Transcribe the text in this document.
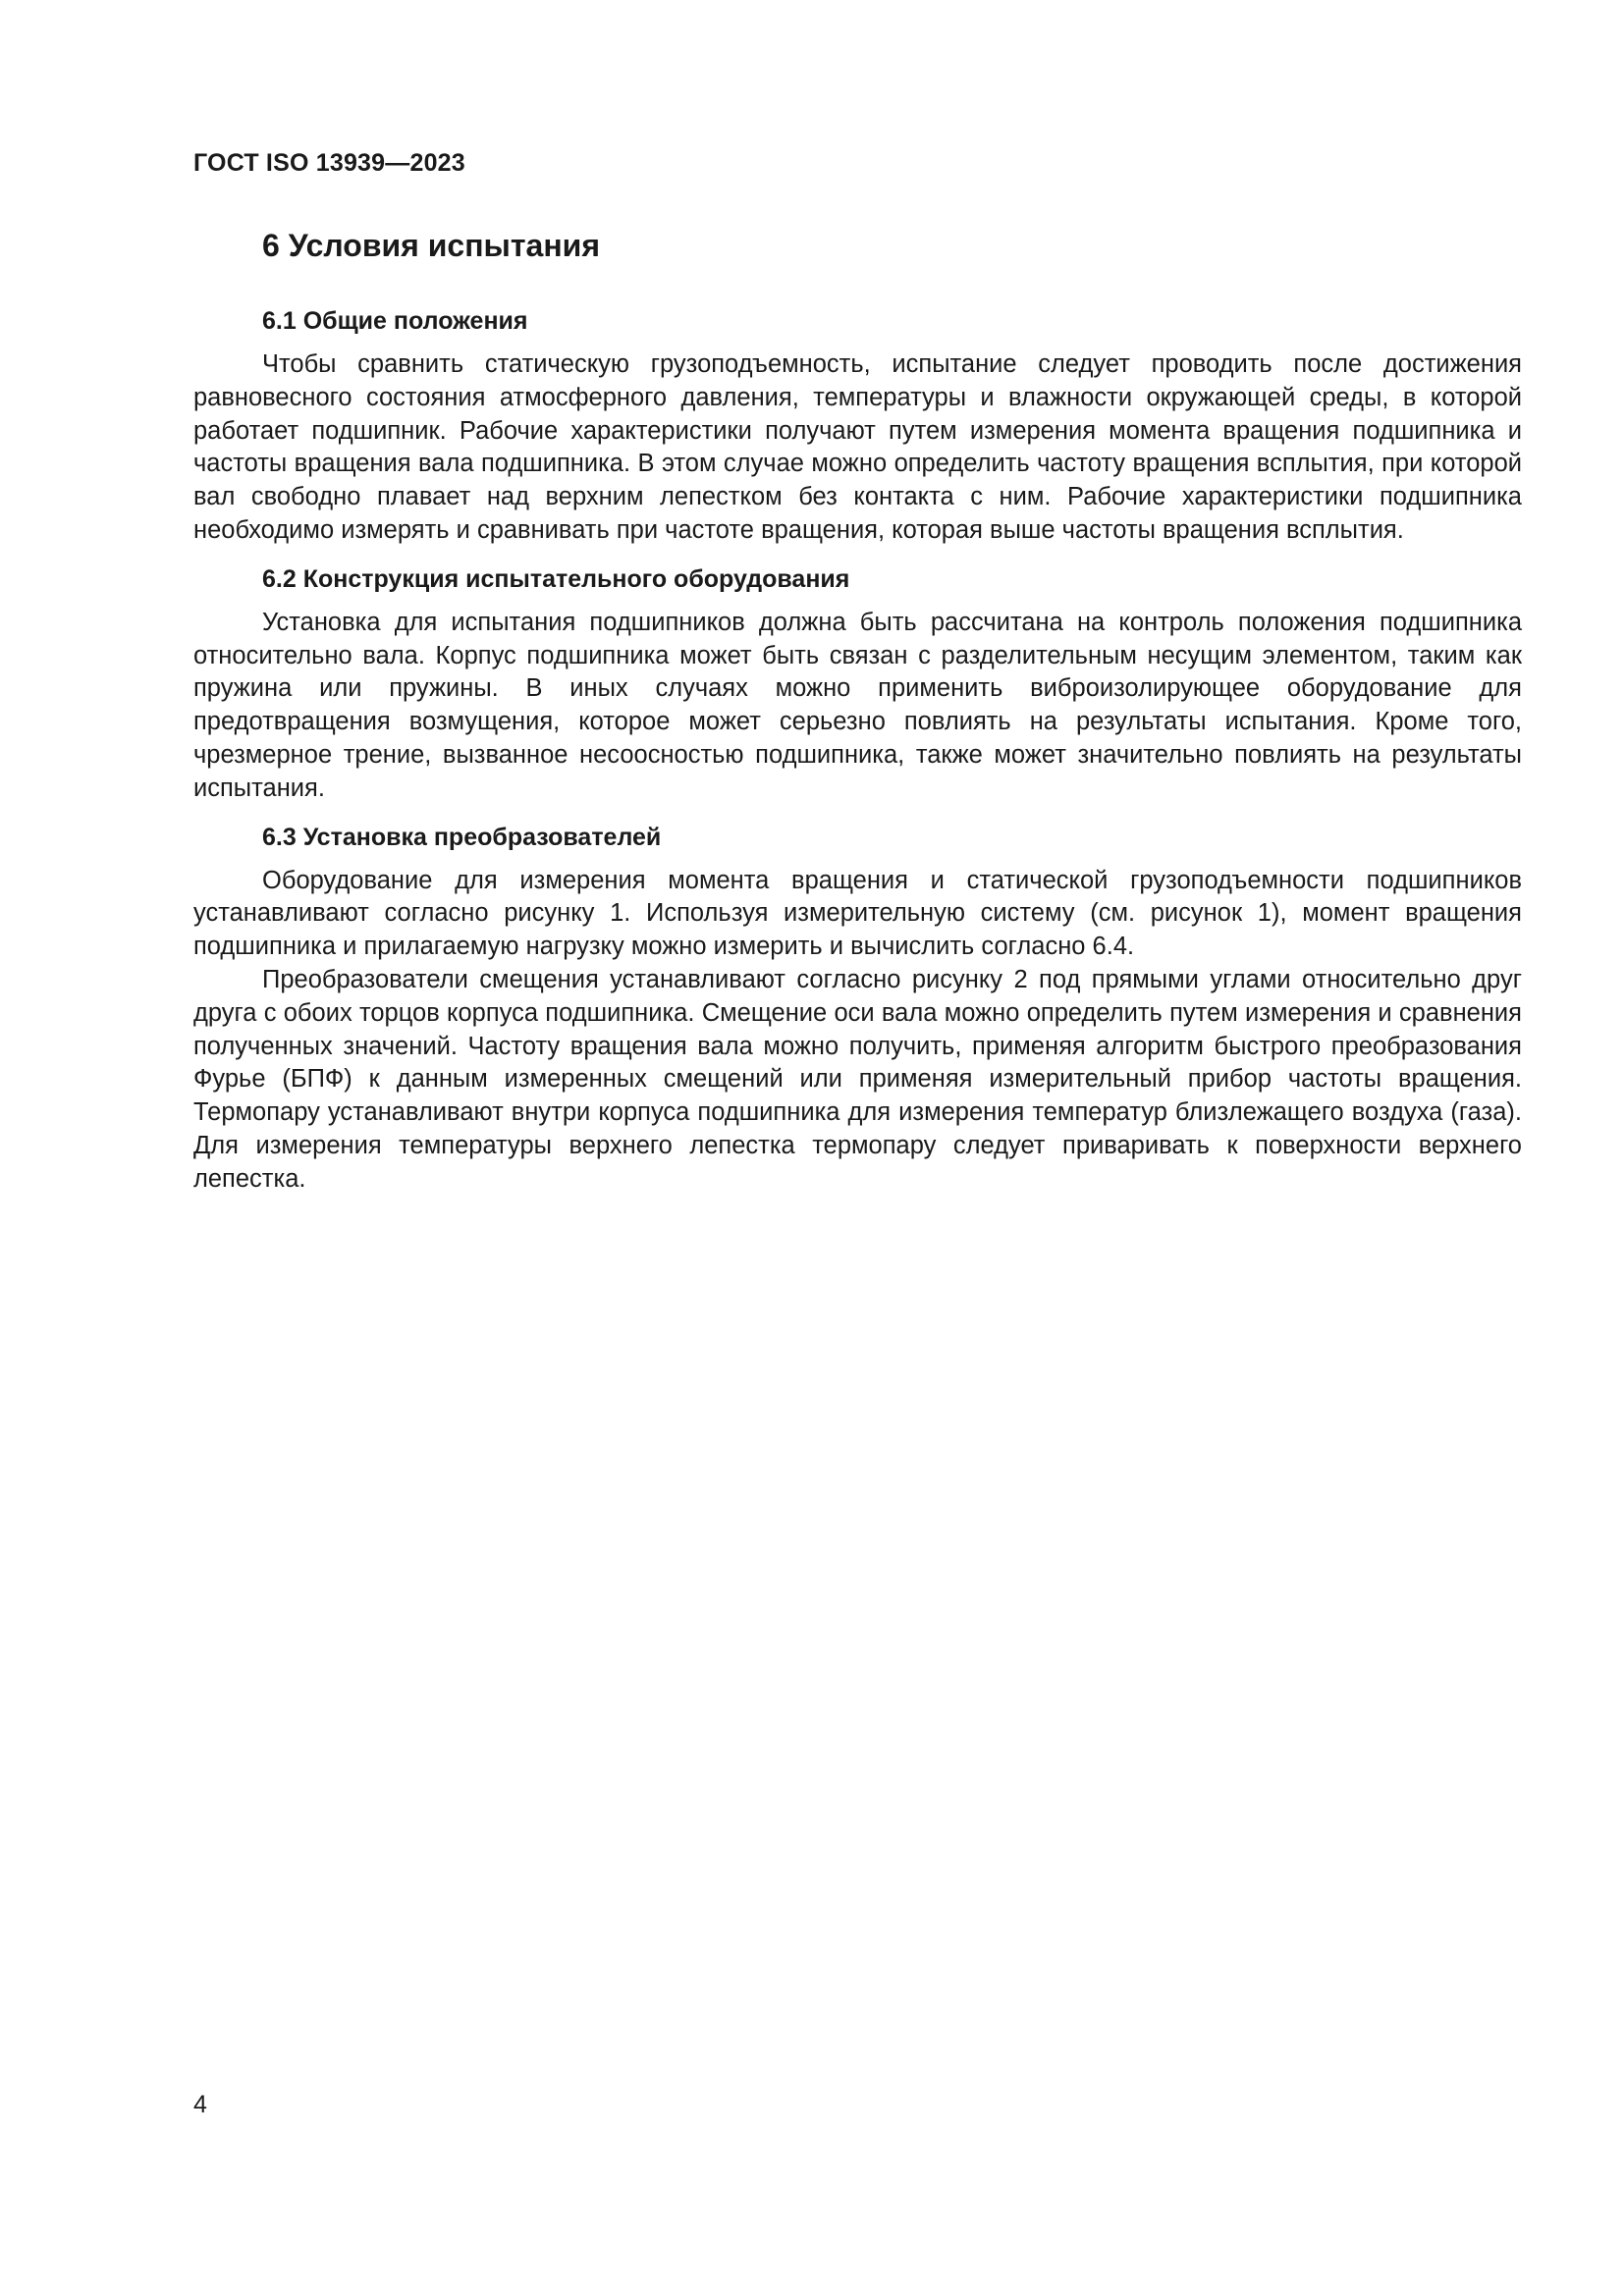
ГОСТ ISO 13939—2023

6 Условия испытания
6.1 Общие положения

Чтобы сравнить статическую грузоподъемность, испытание следует проводить после достижения равновесного состояния атмосферного давления, температуры и влажности окружающей среды, в которой работает подшипник. Рабочие характеристики получают путем измерения момента вращения подшипника и частоты вращения вала подшипника. В этом случае можно определить частоту вращения всплытия, при которой вал свободно плавает над верхним лепестком без контакта с ним. Рабочие характеристики подшипника необходимо измерять и сравнивать при частоте вращения, которая выше частоты вращения всплытия.

6.2 Конструкция испытательного оборудования

Установка для испытания подшипников должна быть рассчитана на контроль положения подшипника относительно вала. Корпус подшипника может быть связан с разделительным несущим элементом, таким как пружина или пружины. В иных случаях можно применить виброизолирующее оборудование для предотвращения возмущения, которое может серьезно повлиять на результаты испытания. Кроме того, чрезмерное трение, вызванное несоосностью подшипника, также может значительно повлиять на результаты испытания.

6.3 Установка преобразователей

Оборудование для измерения момента вращения и статической грузоподъемности подшипников устанавливают согласно рисунку 1. Используя измерительную систему (см. рисунок 1), момент вращения подшипника и прилагаемую нагрузку можно измерить и вычислить согласно 6.4.

Преобразователи смещения устанавливают согласно рисунку 2 под прямыми углами относительно друг друга с обоих торцов корпуса подшипника. Смещение оси вала можно определить путем измерения и сравнения полученных значений. Частоту вращения вала можно получить, применяя алгоритм быстрого преобразования Фурье (БПФ) к данным измеренных смещений или применяя измерительный прибор частоты вращения. Термопару устанавливают внутри корпуса подшипника для измерения температур близлежащего воздуха (газа). Для измерения температуры верхнего лепестка термопару следует приваривать к поверхности верхнего лепестка.

4
